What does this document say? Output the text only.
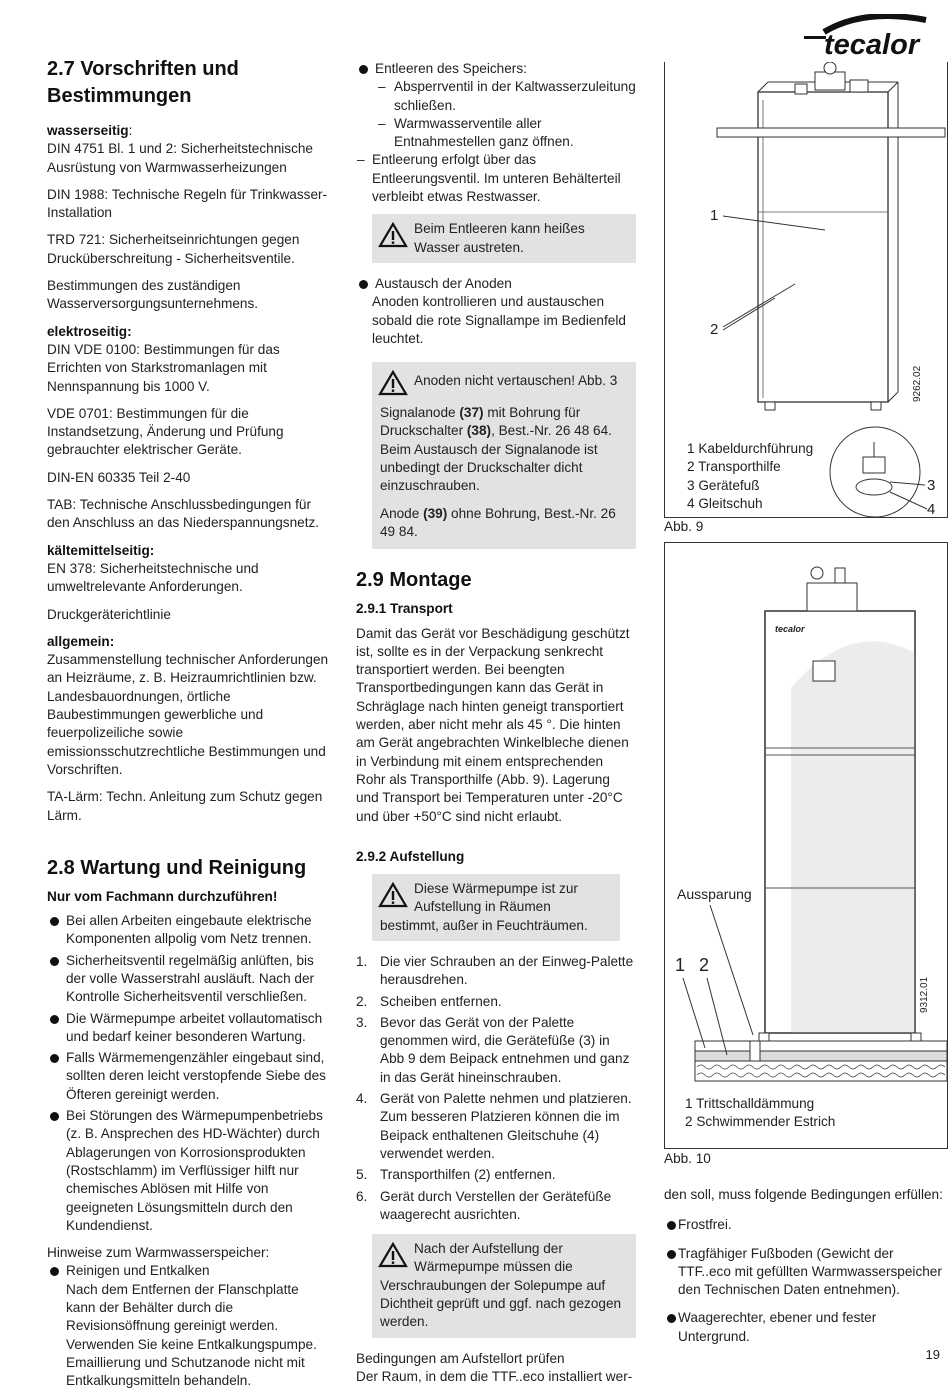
tecalor
2.7 Vorschriften und Bestimmungen
wasserseitig:

DIN 4751 Bl. 1 und 2: Sicherheitstechnische Ausrüstung von Warmwasserheizungen

DIN 1988: Technische Regeln für Trinkwasser-Installation

TRD 721: Sicherheitseinrichtungen gegen Drucküberschreitung - Sicherheitsventile.

Bestimmungen des zuständigen Wasserversorgungsunternehmens.

elektroseitig:

DIN VDE 0100: Bestimmungen für das Errichten von Starkstromanlagen mit Nennspannung bis 1000 V.

VDE 0701: Bestimmungen für die Instandsetzung, Änderung und Prüfung gebrauchter elektrischer Geräte.

DIN-EN 60335 Teil 2-40

TAB: Technische Anschlussbedingungen für den Anschluss an das Niederspannungsnetz.

kältemittelseitig:

EN 378: Sicherheitstechnische und umweltrelevante Anforderungen.

Druckgeräterichtlinie

allgemein:

Zusammenstellung technischer Anforderungen an Heizräume, z. B. Heizraumrichtlinien bzw. Landesbauordnungen, örtliche Baubestimmungen gewerbliche und feuerpolizeiliche sowie emissionsschutzrechtliche Bestimmungen und Vorschriften.

TA-Lärm: Techn. Anleitung zum Schutz gegen Lärm.

2.8 Wartung und Reinigung

Nur vom Fachmann durchzuführen!

Bei allen Arbeiten eingebaute elektrische Komponenten allpolig vom Netz trennen.
Sicherheitsventil regelmäßig anlüften, bis der volle Wasserstrahl ausläuft. Nach der Kontrolle Sicherheitsventil verschließen.
Die Wärmepumpe arbeitet vollautomatisch und bedarf keiner besonderen Wartung.
Falls Wärmemengenzähler eingebaut sind, sollten deren leicht verstopfende Siebe des Öfteren gereinigt werden.
Bei Störungen des Wärmepumpenbetriebs (z. B. Ansprechen des HD-Wächter) durch Ablagerungen von Korrosionsprodukten (Rostschlamm) im Verflüssiger hilft nur chemisches Ablösen mit Hilfe von geeigneten Lösungsmitteln durch den Kundendienst.
Hinweise zum Warmwasserspeicher:
Reinigen und Entkalken
Nach dem Entfernen der Flanschplatte kann der Behälter durch die Revisionsöffnung gereinigt werden. Verwenden Sie keine Entkalkungspumpe. Emaillierung und Schutzanode nicht mit Entkalkungsmitteln behandeln.
Entleeren des Speichers:
– Absperrventil in der Kaltwasserzuleitung schließen.
– Warmwasserventile aller Entnahmestellen ganz öffnen.
– Entleerung erfolgt über das Entleerungsventil. Im unteren Behälterteil verbleibt etwas Restwasser.
Beim Entleeren kann heißes Wasser austreten.
Austausch der Anoden

Anoden kontrollieren und austauschen sobald die rote Signallampe im Bedienfeld leuchtet.

Anoden nicht vertauschen! Abb. 3

Signalanode (37) mit Bohrung für Druckschalter (38), Best.-Nr. 26 48 64. Beim Austausch der Signalanode ist unbedingt der Druckschalter dicht einzuschrauben.

Anode (39) ohne Bohrung, Best.-Nr. 26 49 84.

2.9 Montage
2.9.1 Transport

Damit das Gerät vor Beschädigung geschützt ist, sollte es in der Verpackung senkrecht transportiert werden. Bei beengten Transportbedingungen kann das Gerät in Schräglage nach hinten geneigt transportiert werden, aber nicht mehr als 45 °. Die hinten am Gerät angebrachten Winkelbleche dienen in Verbindung mit einem entsprechenden Rohr als Transporthilfe (Abb. 9). Lagerung und Transport bei Temperaturen unter -20°C und über +50°C sind nicht erlaubt.

2.9.2 Aufstellung
Diese Wärmepumpe ist zur Aufstellung in Räumen bestimmt, außer in Feuchträumen.
1. Die vier Schrauben an der Einweg-Palette herausdrehen.
2. Scheiben entfernen.
3. Bevor das Gerät von der Palette genommen wird, die Gerätefüße (3) in Abb 9 dem Beipack entnehmen und ganz in das Gerät hineinschrauben.
4. Gerät von Palette nehmen und platzieren. Zum besseren Platzieren können die im Beipack enthaltenen Gleitschuhe (4) verwendet werden.
5. Transporthilfen (2) entfernen.
6. Gerät durch Verstellen der Gerätefüße waagerecht ausrichten.
Nach der Aufstellung der Wärmepumpe müssen die Verschraubungen der Solepumpe auf Dichtheit geprüft und ggf. nach gezogen werden.
Bedingungen am Aufstellort prüfen
Der Raum, in dem die TTF..eco installiert wer-
1
2
9262.02
3
4
1 Kabeldurchführung
2 Transporthilfe
3 Gerätefuß
4 Gleitschuh
Abb. 9
tecalor
9312.01
Aussparung
1 2
1 Trittschalldämmung
2 Schwimmender Estrich
Abb. 10

den soll, muss folgende Bedingungen erfüllen:

Frostfrei.
Tragfähiger Fußboden (Gewicht der TTF..eco mit gefüllten Warmwasserspeicher den Technischen Daten entnehmen).
Waagerechter, ebener und fester Untergrund.
19
